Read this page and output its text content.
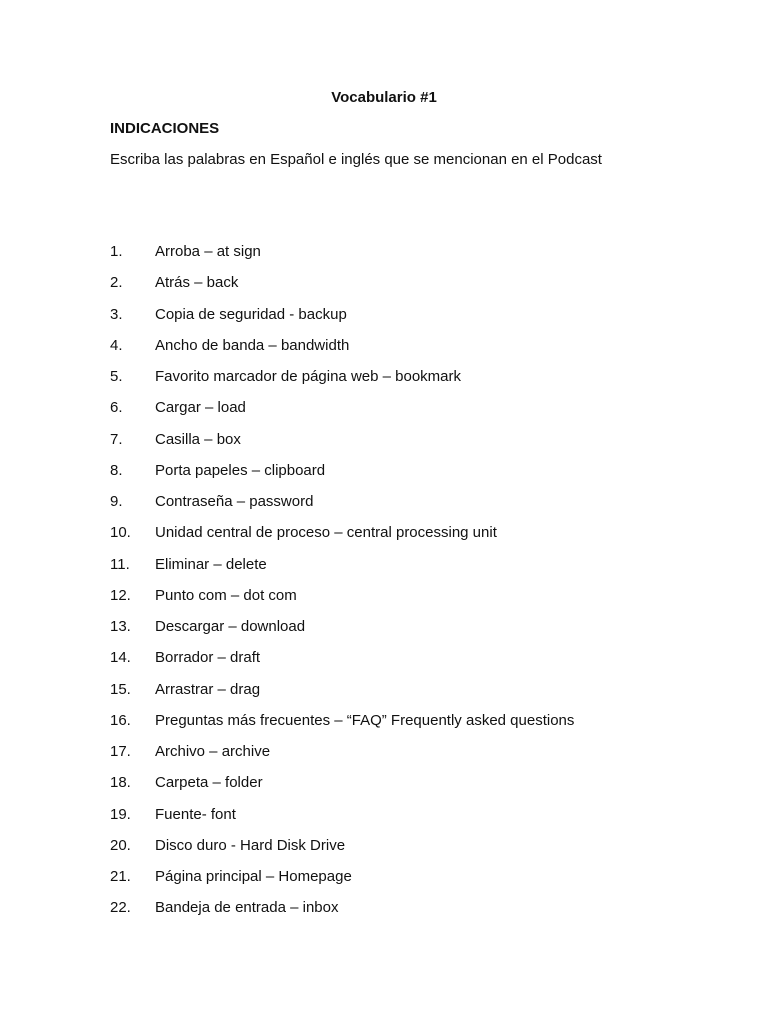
Vocabulario #1
INDICACIONES
Escriba las palabras en Español e inglés que se mencionan en el Podcast
1.	Arroba – at sign
2.	Atrás – back
3.	Copia de seguridad - backup
4.	Ancho de banda – bandwidth
5.	Favorito marcador de página web – bookmark
6.	Cargar – load
7.	Casilla – box
8.	Porta papeles – clipboard
9.	Contraseña – password
10.	Unidad central de proceso – central processing unit
11.	Eliminar – delete
12.	Punto com – dot com
13.	Descargar – download
14.	Borrador – draft
15.	Arrastrar – drag
16.	Preguntas más frecuentes – “FAQ” Frequently asked questions
17.	Archivo – archive
18.	Carpeta – folder
19.	Fuente- font
20.	Disco duro - Hard Disk Drive
21.	Página principal – Homepage
22.	Bandeja de entrada – inbox
